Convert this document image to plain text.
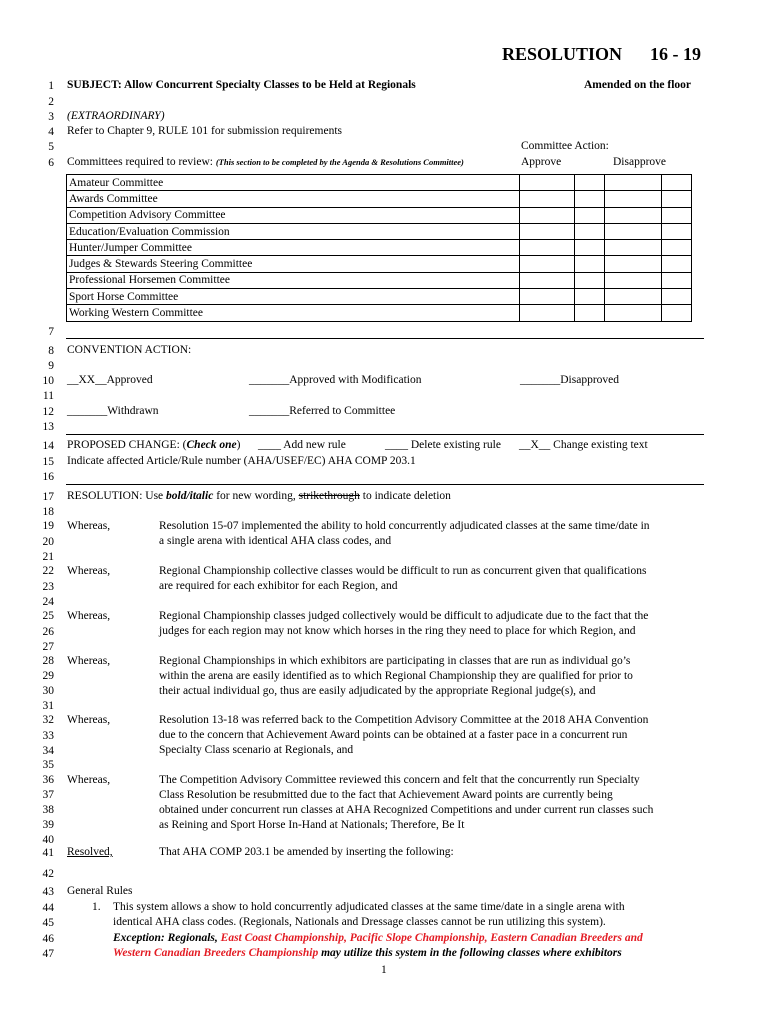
RESOLUTION 16 - 19
1
2
3
4
5
6
7
8
9
10
11
12
13
14
15
16
17
18
19
20
21
22
23
24
25
26
27
28
29
30
31
32
33
34
35
36
37
38
39
40
41
42
43
44
45
46
47
SUBJECT: Allow Concurrent Specialty Classes to be Held at Regionals	Amended on the floor
(EXTRAORDINARY)
Refer to Chapter 9, RULE 101 for submission requirements
Committee Action:
Committees required to review: (This section to be completed by the Agenda & Resolutions Committee)	Approve	Disapprove
Amateur Committee				
Awards Committee				
Competition Advisory Committee				
Education/Evaluation Commission				
Hunter/Jumper Committee				
Judges & Stewards Steering Committee				
Professional Horsemen Committee				
Sport Horse Committee				
Working Western Committee				
CONVENTION ACTION:
__XX__Approved	_______Approved with Modification	_______Disapproved
_______Withdrawn	_______Referred to Committee
PROPOSED CHANGE: (Check one) ____ Add new rule	____ Delete existing rule __X__ Change existing text
Indicate affected Article/Rule number (AHA/USEF/EC) AHA COMP 203.1
RESOLUTION: Use bold/italic for new wording, strikethrough to indicate deletion
Whereas,	Resolution 15-07 implemented the ability to hold concurrently adjudicated classes at the same time/date in
a single arena with identical AHA class codes, and
Whereas,	Regional Championship collective classes would be difficult to run as concurrent given that qualifications
are required for each exhibitor for each Region, and
Whereas,	Regional Championship classes judged collectively would be difficult to adjudicate due to the fact that the
judges for each region may not know which horses in the ring they need to place for which Region, and
Whereas,	Regional Championships in which exhibitors are participating in classes that are run as individual go’s
within the arena are easily identified as to which Regional Championship they are qualified for prior to
their actual individual go, thus are easily adjudicated by the appropriate Regional judge(s), and
Whereas,	Resolution 13-18 was referred back to the Competition Advisory Committee at the 2018 AHA Convention
due to the concern that Achievement Award points can be obtained at a faster pace in a concurrent run
Specialty Class scenario at Regionals, and
Whereas,	The Competition Advisory Committee reviewed this concern and felt that the concurrently run Specialty
Class Resolution be resubmitted due to the fact that Achievement Award points are currently being
obtained under concurrent run classes at AHA Recognized Competitions and under current run classes such
as Reining and Sport Horse In-Hand at Nationals; Therefore, Be It
Resolved,	That AHA COMP 203.1 be amended by inserting the following:
General Rules
1. This system allows a show to hold concurrently adjudicated classes at the same time/date in a single arena with
identical AHA class codes. (Regionals, Nationals and Dressage classes cannot be run utilizing this system).
Exception: Regionals, East Coast Championship, Pacific Slope Championship, Eastern Canadian Breeders and
Western Canadian Breeders Championship may utilize this system in the following classes where exhibitors
1
